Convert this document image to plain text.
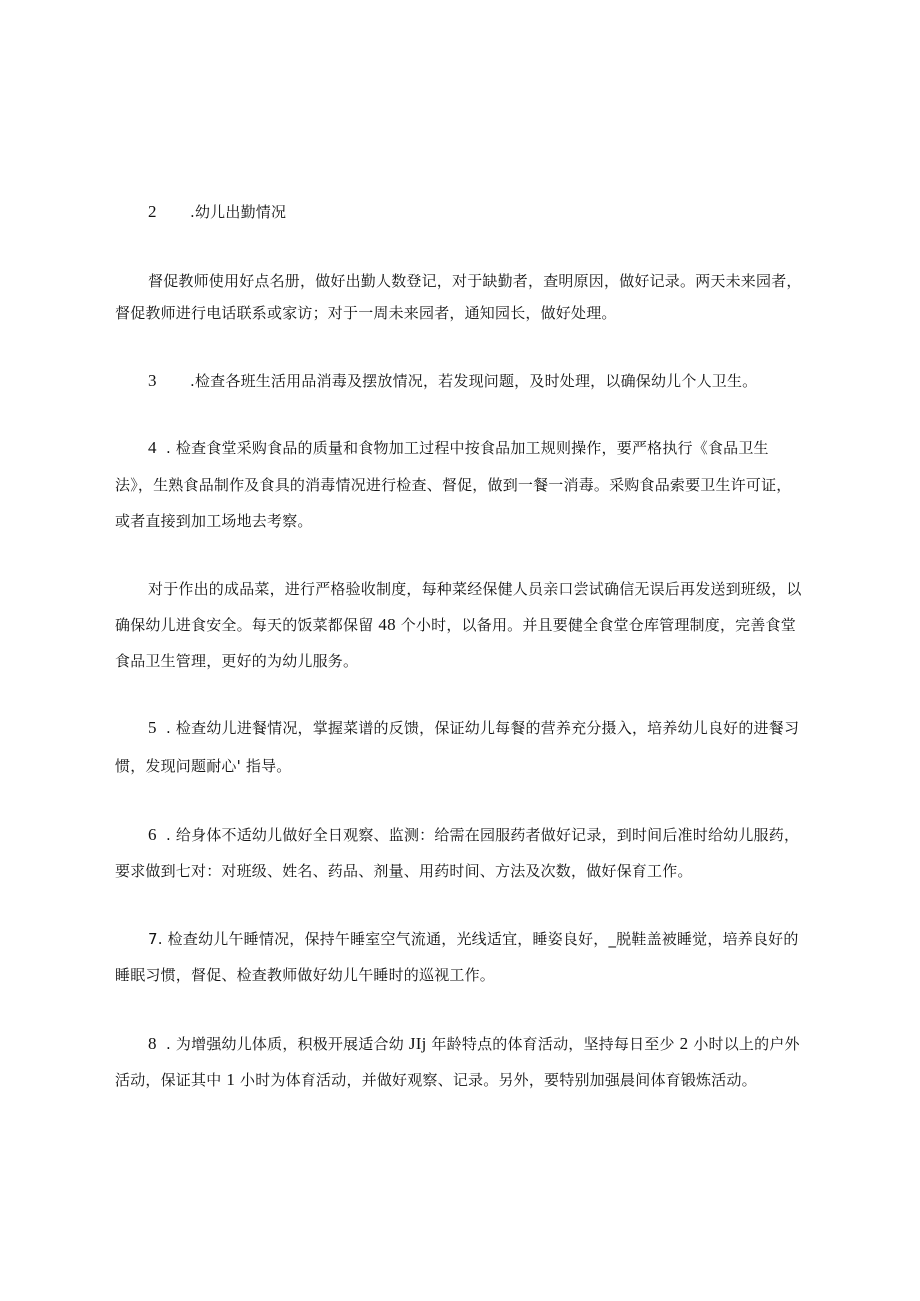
2 .幼儿出勤情况
督促教师使用好点名册，做好出勤人数登记，对于缺勤者，查明原因，做好记录。两天未来园者，
督促教师进行电话联系或家访；对于一周未来园者，通知园长，做好处理。
3 .检查各班生活用品消毒及摆放情况，若发现问题，及时处理，以确保幼儿个人卫生。
4 . 检查食堂采购食品的质量和食物加工过程中按食品加工规则操作，要严格执行《食品卫生
法》，生熟食品制作及食具的消毒情况进行检查、督促，做到一餐一消毒。采购食品索要卫生许可证，
或者直接到加工场地去考察。
对于作出的成品菜，进行严格验收制度，每种菜经保健人员亲口尝试确信无误后再发送到班级，以
确保幼儿进食安全。每天的饭菜都保留 48 个小时，以备用。并且要健全食堂仓库管理制度，完善食堂
食品卫生管理，更好的为幼儿服务。
5 . 检查幼儿进餐情况，掌握菜谱的反馈，保证幼儿每餐的营养充分摄入，培养幼儿良好的进餐习
惯，发现问题耐心' 指导。
6 . 给身体不适幼儿做好全日观察、监测：给需在园服药者做好记录，到时间后准时给幼儿服药，
要求做到七对：对班级、姓名、药品、剂量、用药时间、方法及次数，做好保育工作。
7. 检查幼儿午睡情况，保持午睡室空气流通，光线适宜，睡姿良好，_脱鞋盖被睡觉，培养良好的
睡眠习惯，督促、检查教师做好幼儿午睡时的巡视工作。
8 . 为增强幼儿体质，积极开展适合幼 JIj 年龄特点的体育活动，坚持每日至少 2 小时以上的户外
活动，保证其中 1 小时为体育活动，并做好观察、记录。另外，要特别加强晨间体育锻炼活动。
